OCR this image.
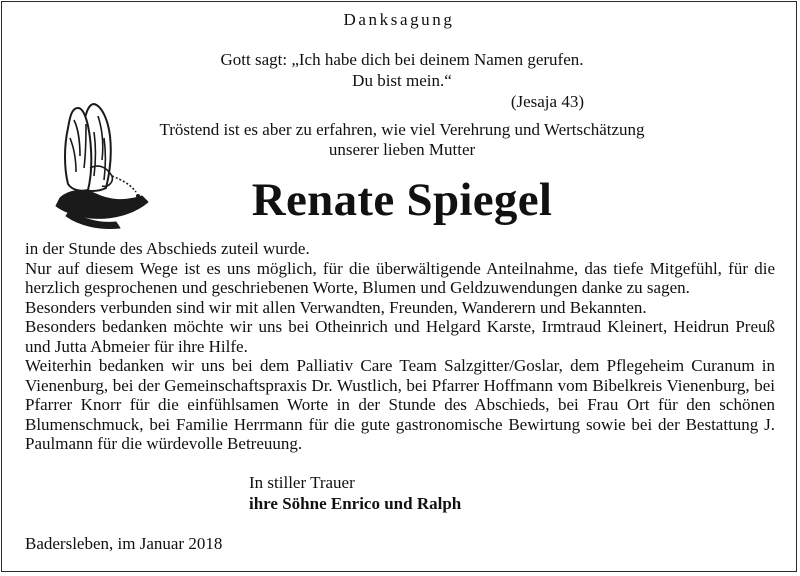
Danksagung
Gott sagt: „Ich habe dich bei deinem Namen gerufen.
Du bist mein.“
(Jesaja 43)
Tröstend ist es aber zu erfahren, wie viel Verehrung und Wertschätzung
unserer lieben Mutter
Renate Spiegel

in der Stunde des Abschieds zuteil wurde.

Nur auf diesem Wege ist es uns möglich, für die überwältigende Anteilnahme, das tiefe Mitgefühl, für die herzlich gesprochenen und geschriebenen Worte, Blumen und Geldzuwendungen danke zu sagen.

Besonders verbunden sind wir mit allen Verwandten, Freunden, Wanderern und Bekannten.

Besonders bedanken möchte wir uns bei Otheinrich und Helgard Karste, Irmtraud Kleinert, Heidrun Preuß und Jutta Abmeier für ihre Hilfe.

Weiterhin bedanken wir uns bei dem Palliativ Care Team Salzgitter/Goslar, dem Pflegeheim Curanum in Vienenburg, bei der Gemeinschaftspraxis Dr. Wustlich, bei Pfarrer Hoffmann vom Bibelkreis Vienenburg, bei Pfarrer Knorr für die einfühlsamen Worte in der Stunde des Abschieds, bei Frau Ort für den schönen Blumenschmuck, bei Familie Herrmann für die gute gastronomische Bewirtung sowie bei der Bestattung J. Paulmann für die würdevolle Betreuung.

In stiller Trauer
ihre Söhne Enrico und Ralph
Badersleben, im Januar 2018
